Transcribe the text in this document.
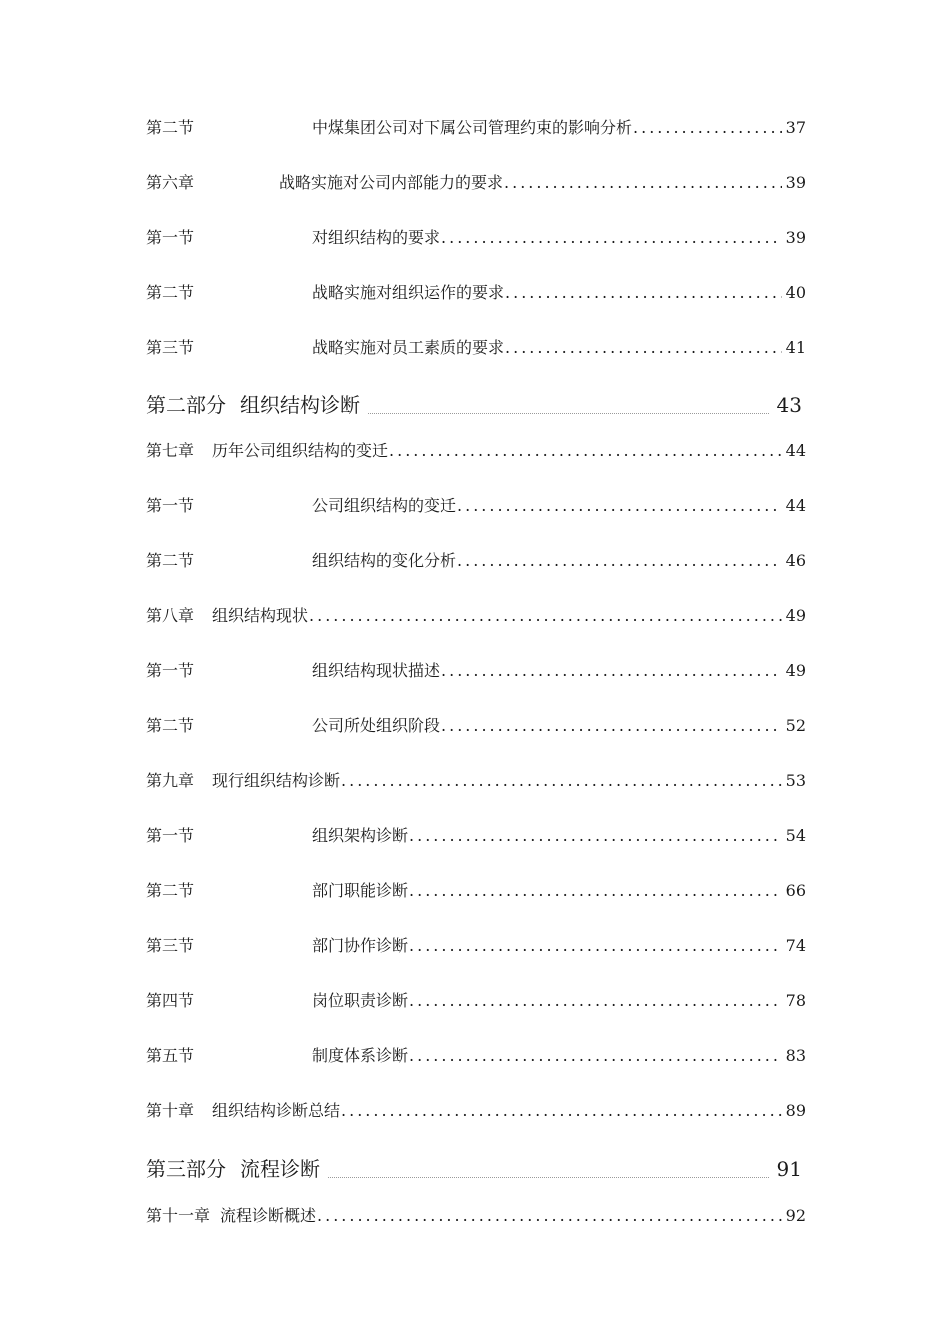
第二节	中煤集团公司对下属公司管理约束的影响分析 .....	37
第六章	战略实施对公司内部能力的要求 .....	39
第一节	对组织结构的要求 .....	39
第二节	战略实施对组织运作的要求 .....	40
第三节	战略实施对员工素质的要求 .....	41
第二部分 组织结构诊断	43
第七章 历年公司组织结构的变迁 .....	44
第一节	公司组织结构的变迁 .....	44
第二节	组织结构的变化分析 .....	46
第八章 组织结构现状 .....	49
第一节	组织结构现状描述 .....	49
第二节	公司所处组织阶段 .....	52
第九章 现行组织结构诊断 .....	53
第一节	组织架构诊断 .....	54
第二节	部门职能诊断 .....	66
第三节	部门协作诊断 .....	74
第四节	岗位职责诊断 .....	78
第五节	制度体系诊断 .....	83
第十章 组织结构诊断总结 .....	89
第三部分 流程诊断	91
第十一章 流程诊断概述 .....	92
